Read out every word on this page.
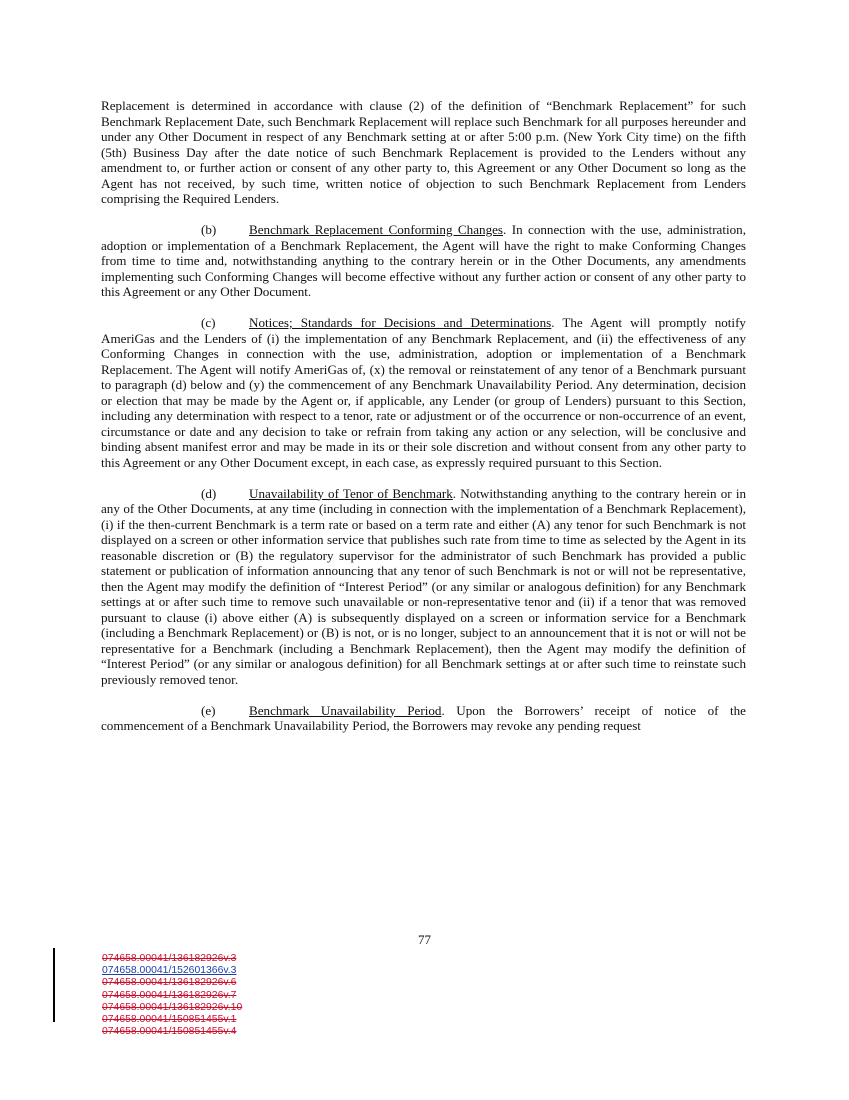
Replacement is determined in accordance with clause (2) of the definition of “Benchmark Replacement” for such Benchmark Replacement Date, such Benchmark Replacement will replace such Benchmark for all purposes hereunder and under any Other Document in respect of any Benchmark setting at or after 5:00 p.m. (New York City time) on the fifth (5th) Business Day after the date notice of such Benchmark Replacement is provided to the Lenders without any amendment to, or further action or consent of any other party to, this Agreement or any Other Document so long as the Agent has not received, by such time, written notice of objection to such Benchmark Replacement from Lenders comprising the Required Lenders.

(b) Benchmark Replacement Conforming Changes. In connection with the use, administration, adoption or implementation of a Benchmark Replacement, the Agent will have the right to make Conforming Changes from time to time and, notwithstanding anything to the contrary herein or in the Other Documents, any amendments implementing such Conforming Changes will become effective without any further action or consent of any other party to this Agreement or any Other Document.

(c)	Notices; Standards for Decisions and Determinations. The Agent will promptly notify AmeriGas and the Lenders of (i) the implementation of any Benchmark Replacement, and (ii) the effectiveness of any Conforming Changes in connection with the use, administration, adoption or implementation of a Benchmark Replacement. The Agent will notify AmeriGas of, (x) the removal or reinstatement of any tenor of a Benchmark pursuant to paragraph (d) below and (y) the commencement of any Benchmark Unavailability Period. Any determination, decision or election that may be made by the Agent or, if applicable, any Lender (or group of Lenders) pursuant to this Section, including any determination with respect to a tenor, rate or adjustment or of the occurrence or non-occurrence of an event, circumstance or date and any decision to take or refrain from taking any action or any selection, will be conclusive and binding absent manifest error and may be made in its or their sole discretion and without consent from any other party to this Agreement or any Other Document except, in each case, as expressly required pursuant to this Section.

(d) Unavailability of Tenor of Benchmark. Notwithstanding anything to the contrary herein or in any of the Other Documents, at any time (including in connection with the implementation of a Benchmark Replacement), (i) if the then-current Benchmark is a term rate or based on a term rate and either (A) any tenor for such Benchmark is not displayed on a screen or other information service that publishes such rate from time to time as selected by the Agent in its reasonable discretion or (B) the regulatory supervisor for the administrator of such Benchmark has provided a public statement or publication of information announcing that any tenor of such Benchmark is not or will not be representative, then the Agent may modify the definition of “Interest Period” (or any similar or analogous definition) for any Benchmark settings at or after such time to remove such unavailable or non-representative tenor and (ii) if a tenor that was removed pursuant to clause (i) above either (A) is subsequently displayed on a screen or information service for a Benchmark (including a Benchmark Replacement) or (B) is not, or is no longer, subject to an announcement that it is not or will not be representative for a Benchmark (including a Benchmark Replacement), then the Agent may modify the definition of “Interest Period” (or any similar or analogous definition) for all Benchmark settings at or after such time to reinstate such previously removed tenor.

(e)	Benchmark Unavailability Period. Upon the Borrowers’ receipt of notice of the commencement of a Benchmark Unavailability Period, the Borrowers may revoke any pending request

77
074658.00041/136182926v.3
074658.00041/152601366v.3
074658.00041/136182926v.6
074658.00041/136182926v.7
074658.00041/136182926v.10
074658.00041/150851455v.1
074658.00041/150851455v.4
